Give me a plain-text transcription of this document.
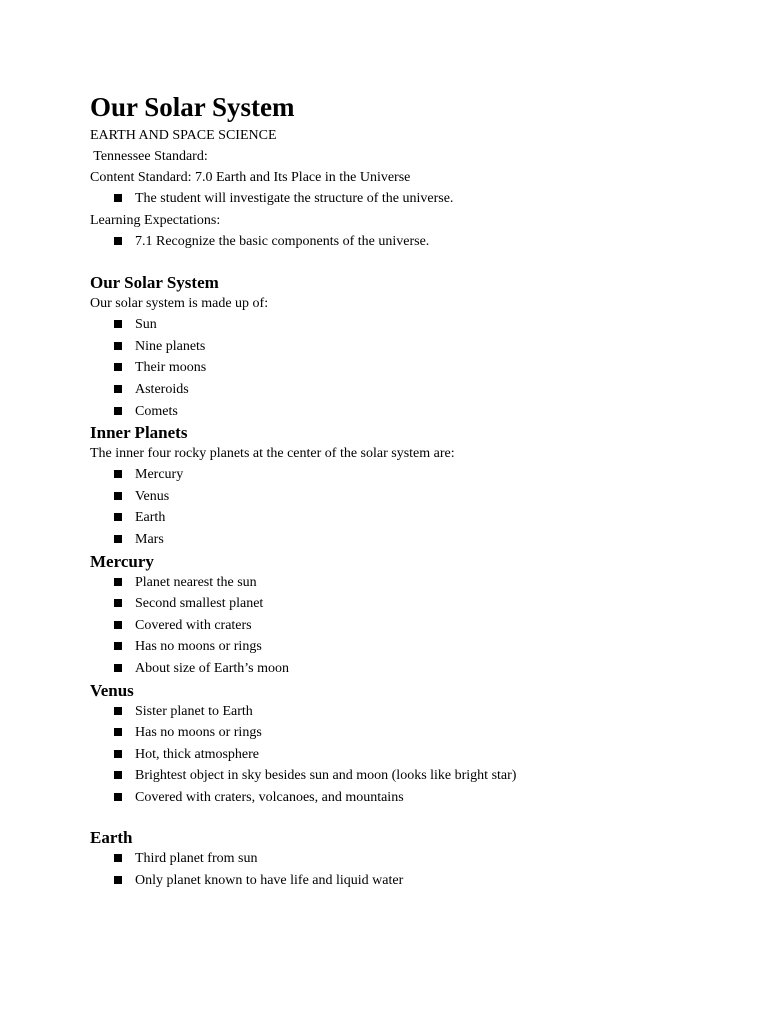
Our Solar System

EARTH AND SPACE SCIENCE

Tennessee Standard:

Content Standard: 7.0 Earth and Its Place in the Universe

The student will investigate the structure of the universe.

Learning Expectations:

7.1 Recognize the basic components of the universe.
Our Solar System

Our solar system is made up of:

Sun
Nine planets
Their moons
Asteroids
Comets
Inner Planets

The inner four rocky planets at the center of the solar system are:

Mercury
Venus
Earth
Mars
Mercury
Planet nearest the sun
Second smallest planet
Covered with craters
Has no moons or rings
About size of Earth’s moon
Venus
Sister planet to Earth
Has no moons or rings
Hot, thick atmosphere
Brightest object in sky besides sun and moon (looks like bright star)
Covered with craters, volcanoes, and mountains
Earth
Third planet from sun
Only planet known to have life and liquid water
